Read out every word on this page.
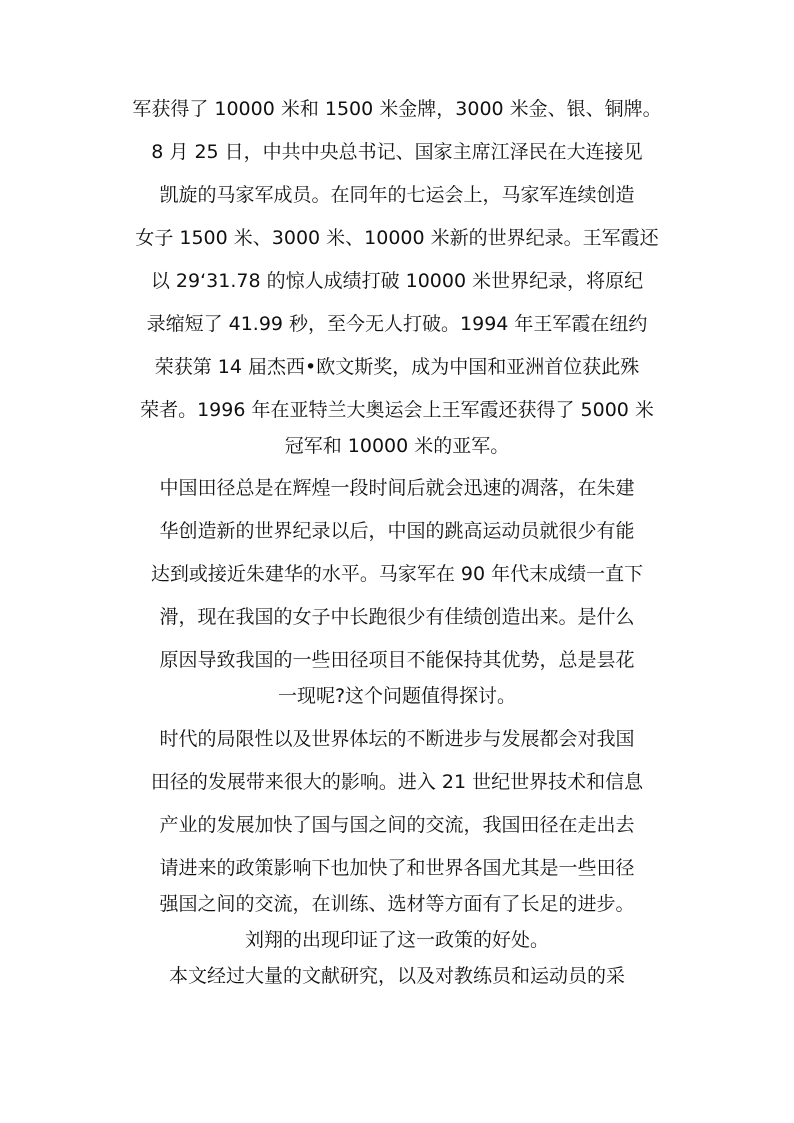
军获得了 10000 米和 1500 米金牌，3000 米金、银、铜牌。
8 月 25 日，中共中央总书记、国家主席江泽民在大连接见
凯旋的马家军成员。在同年的七运会上，马家军连续创造
女子 1500 米、3000 米、10000 米新的世界纪录。王军霞还
以 29‘31.78 的惊人成绩打破 10000 米世界纪录，将原纪
录缩短了 41.99 秒，至今无人打破。1994 年王军霞在纽约
荣获第 14 届杰西•欧文斯奖，成为中国和亚洲首位获此殊
荣者。1996 年在亚特兰大奥运会上王军霞还获得了 5000 米
冠军和 10000 米的亚军。
中国田径总是在辉煌一段时间后就会迅速的凋落，在朱建
华创造新的世界纪录以后，中国的跳高运动员就很少有能
达到或接近朱建华的水平。马家军在 90 年代末成绩一直下
滑，现在我国的女子中长跑很少有佳绩创造出来。是什么
原因导致我国的一些田径项目不能保持其优势，总是昙花
一现呢?这个问题值得探讨。
时代的局限性以及世界体坛的不断进步与发展都会对我国
田径的发展带来很大的影响。进入 21 世纪世界技术和信息
产业的发展加快了国与国之间的交流，我国田径在走出去
请进来的政策影响下也加快了和世界各国尤其是一些田径
强国之间的交流，在训练、选材等方面有了长足的进步。
刘翔的出现印证了这一政策的好处。
本文经过大量的文献研究，以及对教练员和运动员的采
